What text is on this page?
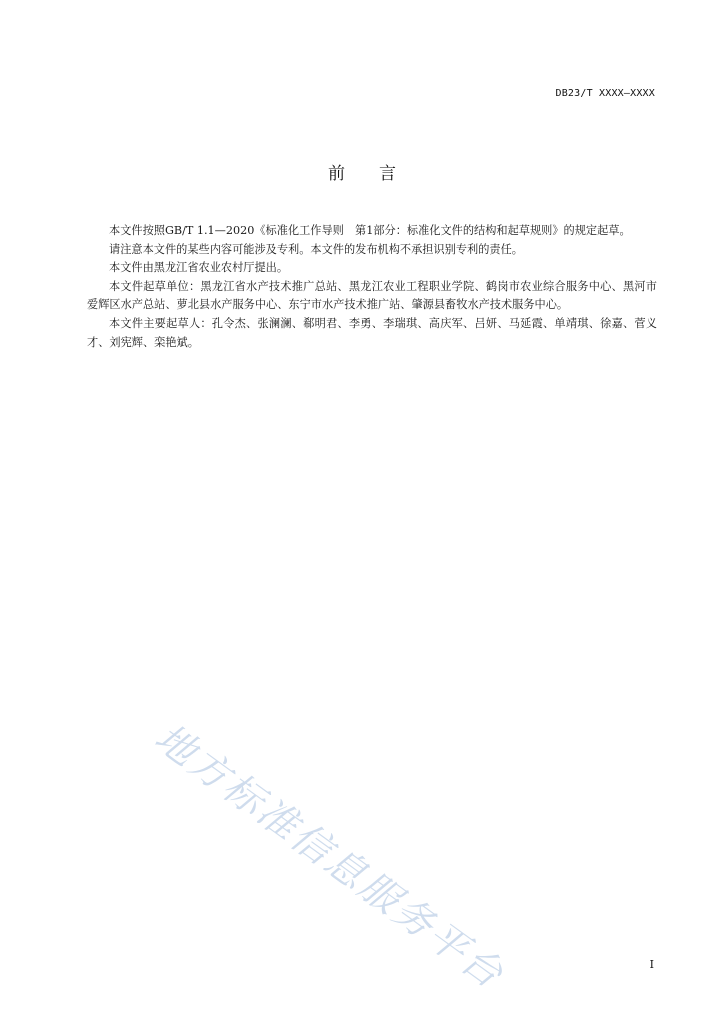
DB23/T XXXX—XXXX
前言

本文件按照GB/T 1.1—2020《标准化工作导则　第1部分：标准化文件的结构和起草规则》的规定起草。

请注意本文件的某些内容可能涉及专利。本文件的发布机构不承担识别专利的责任。

本文件由黑龙江省农业农村厅提出。

本文件起草单位：黑龙江省水产技术推广总站、黑龙江农业工程职业学院、鹤岗市农业综合服务中心、黑河市爱辉区水产总站、萝北县水产服务中心、东宁市水产技术推广站、肇源县畜牧水产技术服务中心。

本文件主要起草人：孔令杰、张澜澜、郗明君、李勇、李瑞琪、高庆军、吕妍、马延霞、单靖琪、徐嘉、菅义才、刘宪辉、栾艳斌。

地方标准信息服务平台	I
